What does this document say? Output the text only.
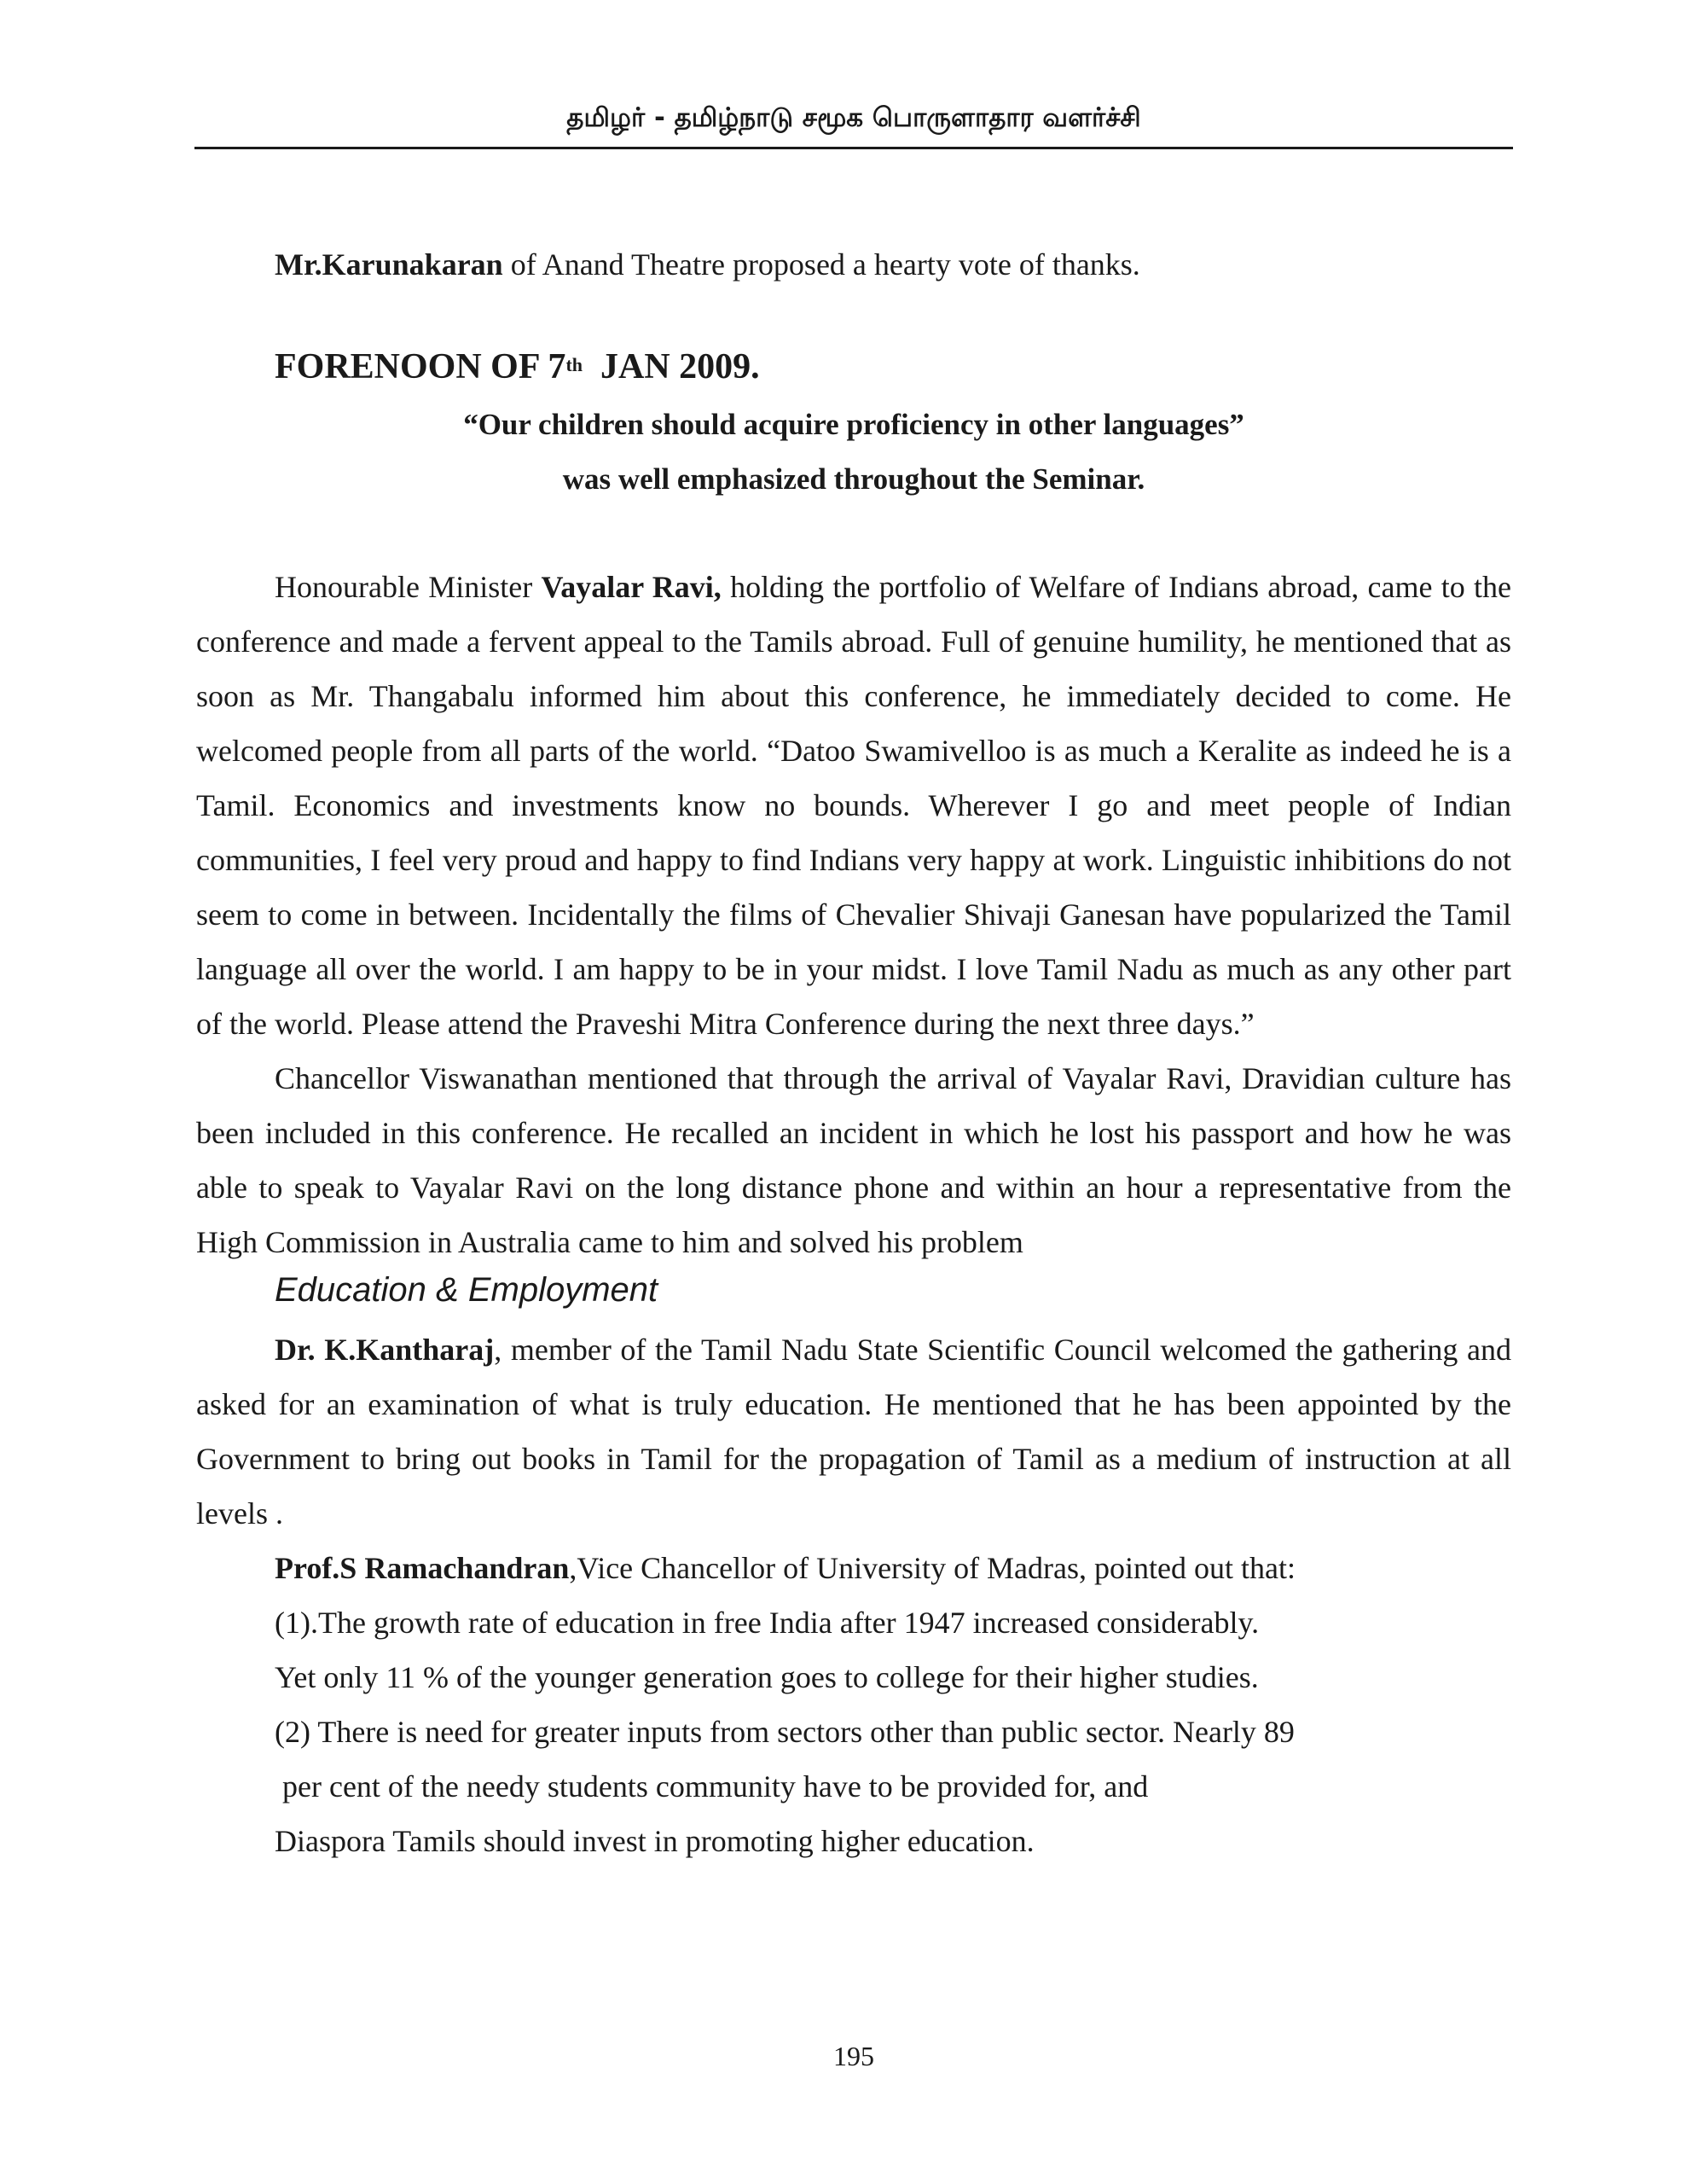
தமிழர் - தமிழ்நாடு சமூக பொருளாதார வளர்ச்சி

Mr.Karunakaran of Anand Theatre proposed a hearty vote of thanks.

FORENOON OF 7th  JAN 2009.
“Our children should acquire proficiency in other languages”
was well emphasized throughout the Seminar.

Honourable Minister Vayalar Ravi, holding the portfolio of Welfare of Indians abroad, came to the conference and made a fervent appeal to the Tamils abroad. Full of genuine humility, he mentioned that as soon as Mr. Thangabalu informed him about this conference, he immediately decided to come. He welcomed people from all parts of the world. “Datoo Swamivelloo is as much a Keralite as indeed he is a Tamil. Economics and investments know no bounds. Wherever I go and meet people of Indian communities, I feel very proud and happy to find Indians very happy at work. Linguistic inhibitions do not seem to come in between. Incidentally the films of Chevalier Shivaji Ganesan have popularized the Tamil language all over the world. I am happy to be in your midst. I love Tamil Nadu as much as any other part of the world. Please attend the Praveshi Mitra Conference during the next three days.”

Chancellor Viswanathan mentioned that through the arrival of Vayalar Ravi, Dravidian culture has been included in this conference. He recalled an incident in which he lost his passport and how he was able to speak to Vayalar Ravi on the long distance phone and within an hour a representative from the High Commission in Australia came to him and solved his problem

Education & Employment

Dr. K.Kantharaj, member of the Tamil Nadu State Scientific Council welcomed the gathering and asked for an examination of what is truly education. He mentioned that he has been appointed by the Government to bring out books in Tamil for the propagation of Tamil as a medium of instruction at all levels .

Prof.S Ramachandran,Vice Chancellor of University of Madras, pointed out that:

(1).The growth rate of education in free India after 1947 increased considerably.
Yet only 11 % of the younger generation goes to college for their higher studies.
(2) There is need for greater inputs from sectors other than public sector. Nearly 89
per cent of the needy students community have to be provided for, and
Diaspora Tamils should invest in promoting higher education.
195
